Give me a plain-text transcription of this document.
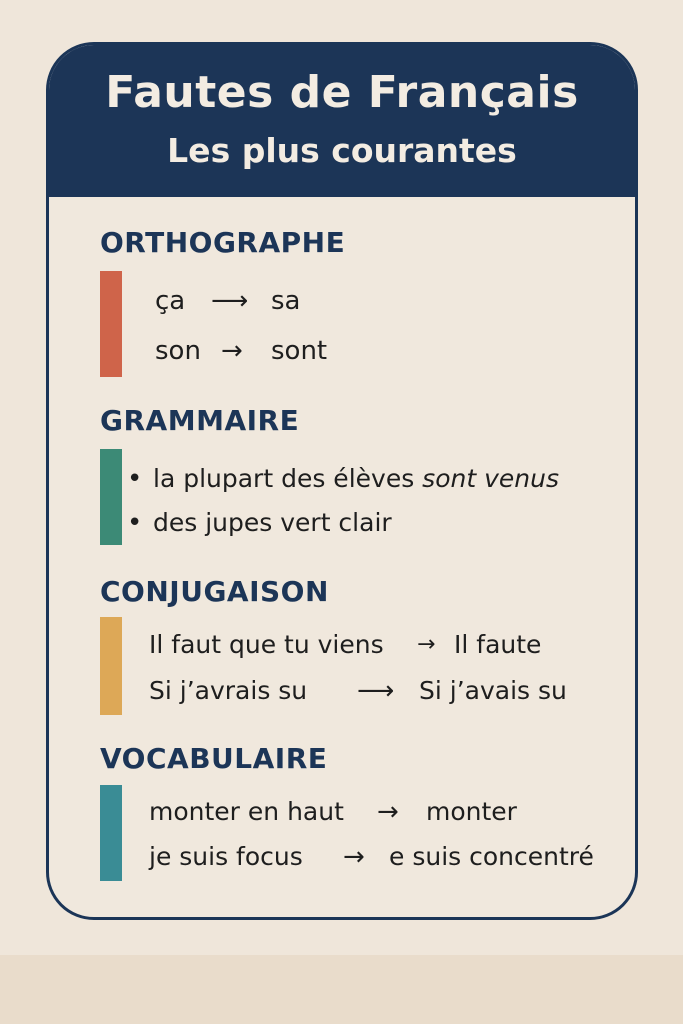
Fautes de Français
Les plus courantes
ORTHOGRAPHE
ça ⟶ sa
son → sont
GRAMMAIRE
• la plupart des élèves sont venus
• des jupes vert clair
CONJUGAISON
Il faut que tu viens → Il faute
Si j’avrais su ⟶ Si j’avais su
VOCABULAIRE
monter en haut → monter
je suis focus → e suis concentré
